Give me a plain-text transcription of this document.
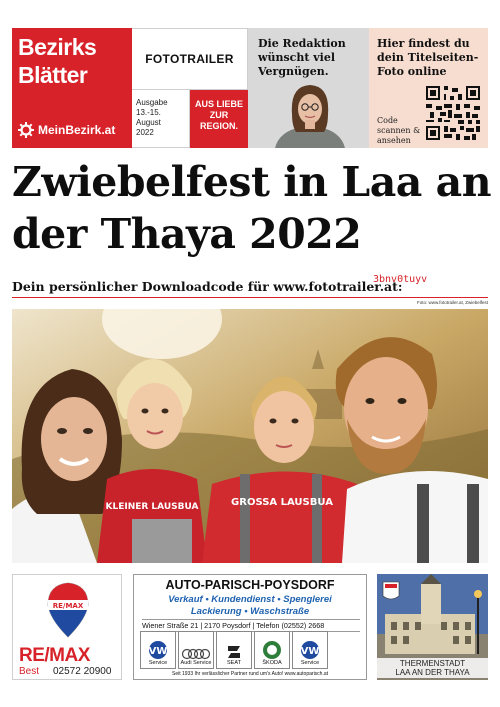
Bezirks
Blätter
MeinBezirk.at
FOTOTRAILER
Ausgabe
13.-15. August
2022
AUS LIEBE ZUR REGION.
Die Redaktion wünscht viel Vergnügen.
Hier findest du dein Titelseiten-Foto online
Code scannen & ansehen
Zwiebelfest in Laa an der Thaya 2022
Dein persönlicher Downloadcode für www.fototrailer.at:
3bnv0tuyv
Foto: www.fototrailer.at, Zwiebelfest
KLEINER LAUSBUA	GROSSA LAUSBUA
RE/MAX
RE/MAX
Best 02572 20900
AUTO-PARISCH-POYSDORF
Verkauf • Kundendienst • Spenglerei
Lackierung • Waschstraße
Wiener Straße 21 | 2170 Poysdorf | Telefon (02552) 2668
VW
Service Audi Service	SEAT	ŠKODA
VW
Service
Seit 1933 Ihr verlässlicher Partner rund um's Auto! www.autoparisch.at
THERMENSTADT
LAA AN DER THAYA
